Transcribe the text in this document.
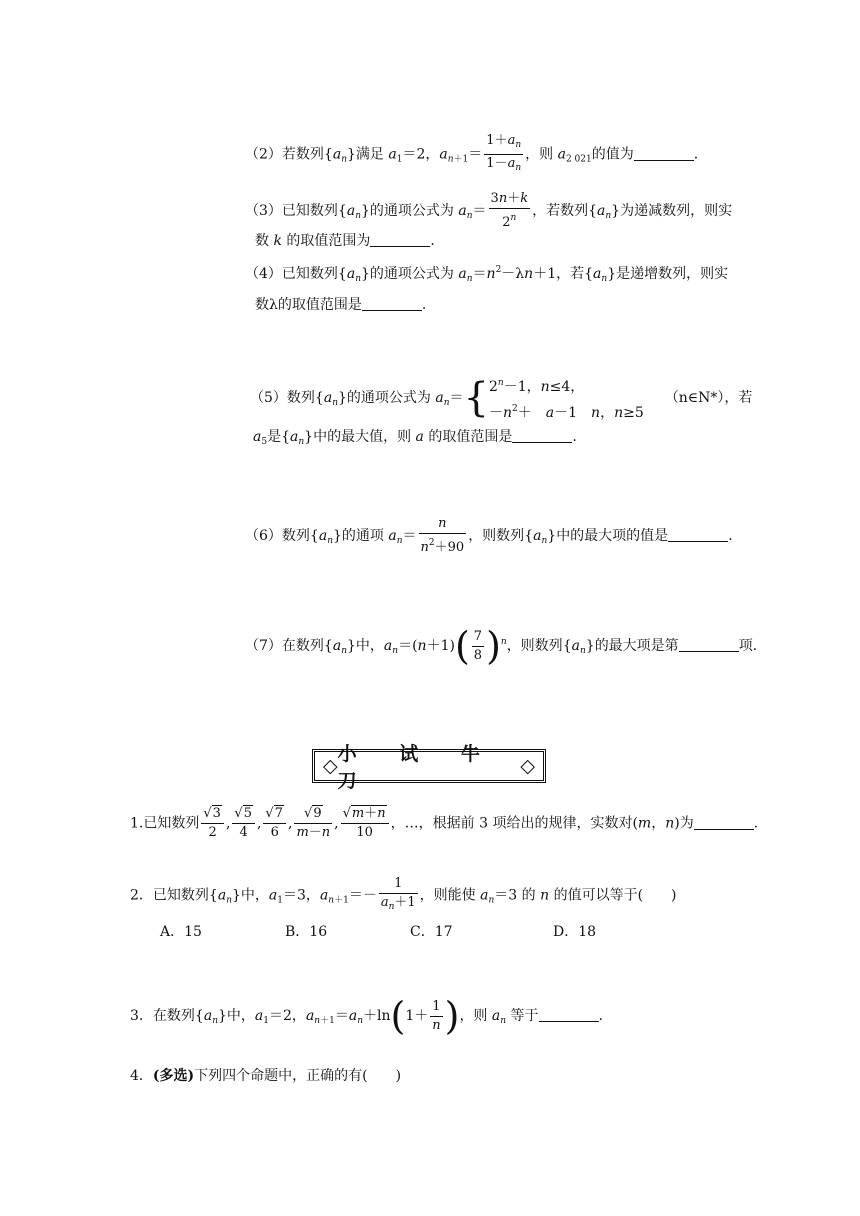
（2）若数列$\{a_n\}$满足 $a_1=2$，$a_{n+1}= \frac{1+a_n}{1-a_n}$ ，则 $a_{2 021}$的值为	.
（3）已知数列$\{a_n\}$的通项公式为 $a_n= \frac{3n+k}{2^n}$ ，若数列$\{a_n\}$为递减数列，则实
数 k 的取值范围为	.
（4）已知数列$\{a_n\}$的通项公式为 $a_n=n^2-\lambda n+1$，若$\{a_n\}$是递增数列，则实
数λ的取值范围是	.
（5）数列$\{a_n\}$的通项公式为 $a_n=${ $2^n-1$，n≤4，
$-n^2+$　a－1　n，n≥5
　　（n∈N*），若
$a_5$是$\{a_n\}$中的最大值，则 a 的取值范围是	.
（6）数列$\{a_n\}$的通项 $a_n= \frac{n}{n^2+90}$ ，则数列$\{a_n\}$中的最大项的值是	.
（7）在数列$\{a_n\}$中，$a_n=(n+1)( \frac{7}{8} )^n$，则数列$\{a_n\}$的最大项是第	项.
◇
小 试 牛 刀
◇
1.已知数列 $\frac{√3}{2}$ , $\frac{√5}{4}$ , $\frac{√7}{6}$ , $\frac{√9}{m-n}$ , $\frac{√m+n}{10}$ ，…，根据前 3 项给出的规律，实数对(m，n)为	.
2．已知数列$\{a_n\}$中，$a_1=3$，$a_{n+1}=- \frac{1}{a_n+1}$ ，则能使 $a_n=3$ 的 n 的值可以等于(　　)
A．15	B．16	C．17	D．18
3．在数列$\{a_n\}$中，$a_1=2$，$a_{n+1}=a_n+\ln(1+ \frac{1}{n}$ )，则 $a_n$ 等于	.
4．(多选)下列四个命题中，正确的有(　　)
